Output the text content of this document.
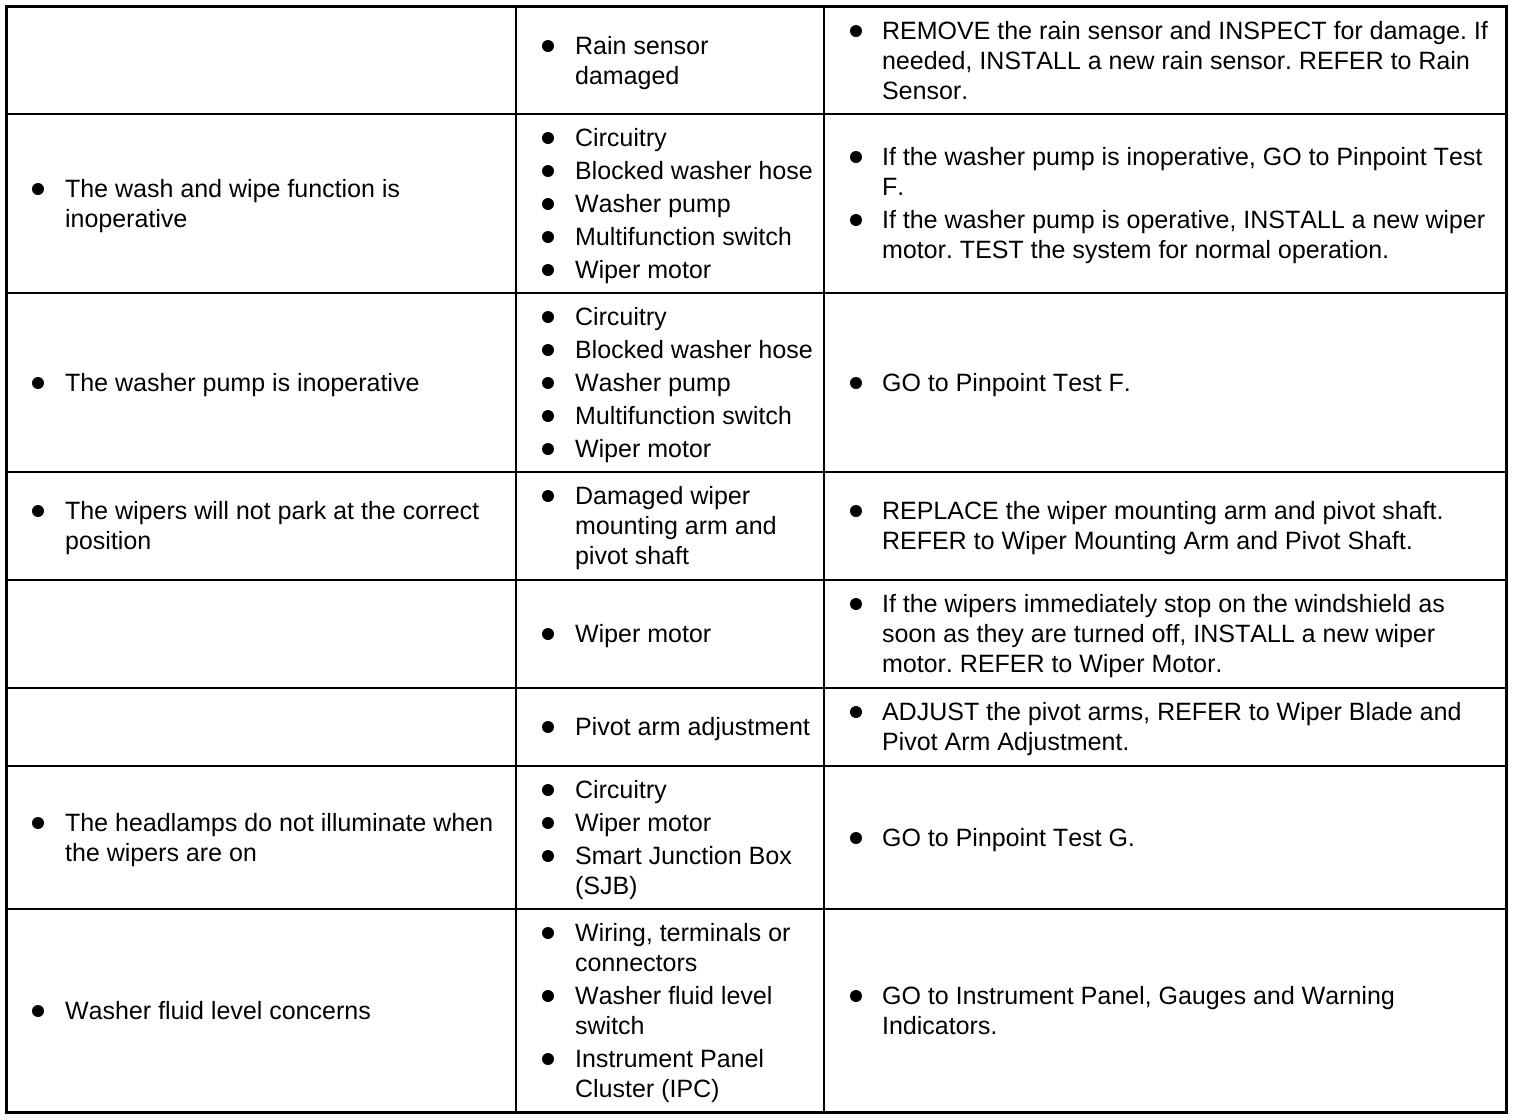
Rain sensor damaged
REMOVE the rain sensor and INSPECT for damage. If needed, INSTALL a new rain sensor. REFER to Rain Sensor.
The wash and wipe function is inoperative
Circuitry
Blocked washer hose
Washer pump
Multifunction switch
Wiper motor
If the washer pump is inoperative, GO to Pinpoint Test F.
If the washer pump is operative, INSTALL a new wiper motor. TEST the system for normal operation.
The washer pump is inoperative
Circuitry
Blocked washer hose
Washer pump
Multifunction switch
Wiper motor
GO to Pinpoint Test F.
The wipers will not park at the correct position
Damaged wiper mounting arm and pivot shaft
REPLACE the wiper mounting arm and pivot shaft. REFER to Wiper Mounting Arm and Pivot Shaft.
Wiper motor
If the wipers immediately stop on the windshield as soon as they are turned off, INSTALL a new wiper motor. REFER to Wiper Motor.
Pivot arm adjustment
ADJUST the pivot arms, REFER to Wiper Blade and Pivot Arm Adjustment.
The headlamps do not illuminate when the wipers are on
Circuitry
Wiper motor
Smart Junction Box (SJB)
GO to Pinpoint Test G.
Washer fluid level concerns
Wiring, terminals or connectors
Washer fluid level switch
Instrument Panel Cluster (IPC)
GO to Instrument Panel, Gauges and Warning Indicators.
